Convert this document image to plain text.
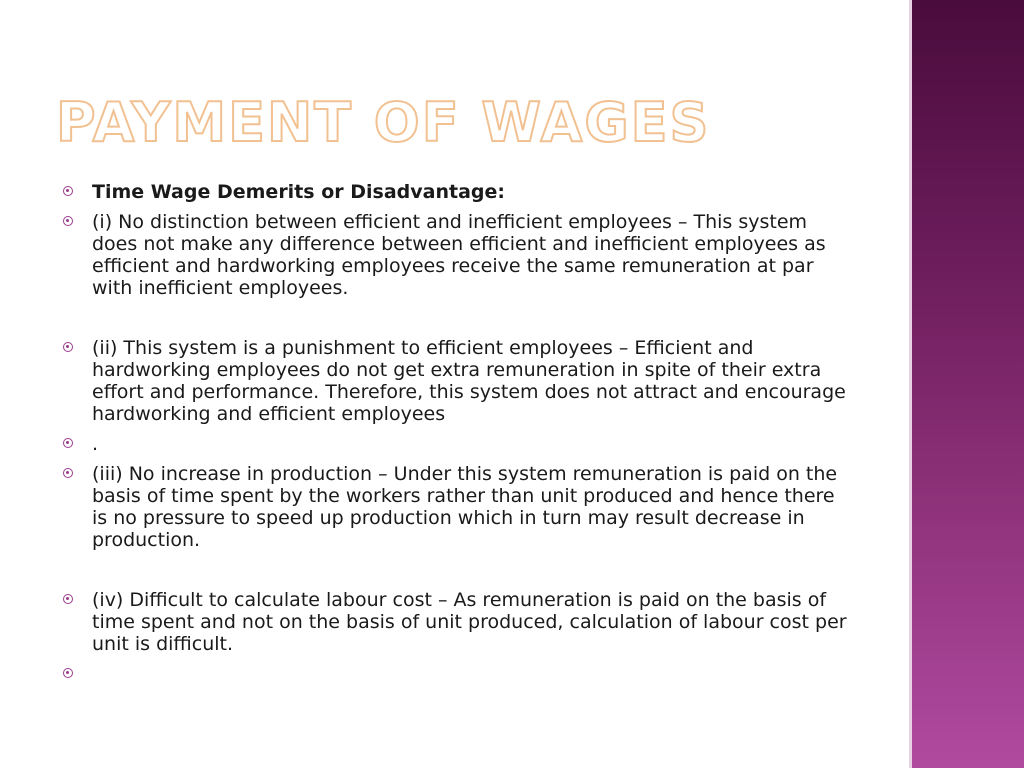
PAYMENT OF WAGES
Time Wage Demerits or Disadvantage:
(i) No distinction between efficient and inefficient employees – This system does not make any difference between efficient and inefficient employees as efficient and hardworking employees receive the same remuneration at par with inefficient employees.
(ii) This system is a punishment to efficient employees – Efficient and hardworking employees do not get extra remuneration in spite of their extra effort and performance. Therefore, this system does not attract and encourage hardworking and efficient employees
.
(iii) No increase in production – Under this system remuneration is paid on the basis of time spent by the workers rather than unit produced and hence there is no pressure to speed up production which in turn may result decrease in production.
(iv) Difficult to calculate labour cost – As remuneration is paid on the basis of time spent and not on the basis of unit produced, calculation of labour cost per unit is difficult.
